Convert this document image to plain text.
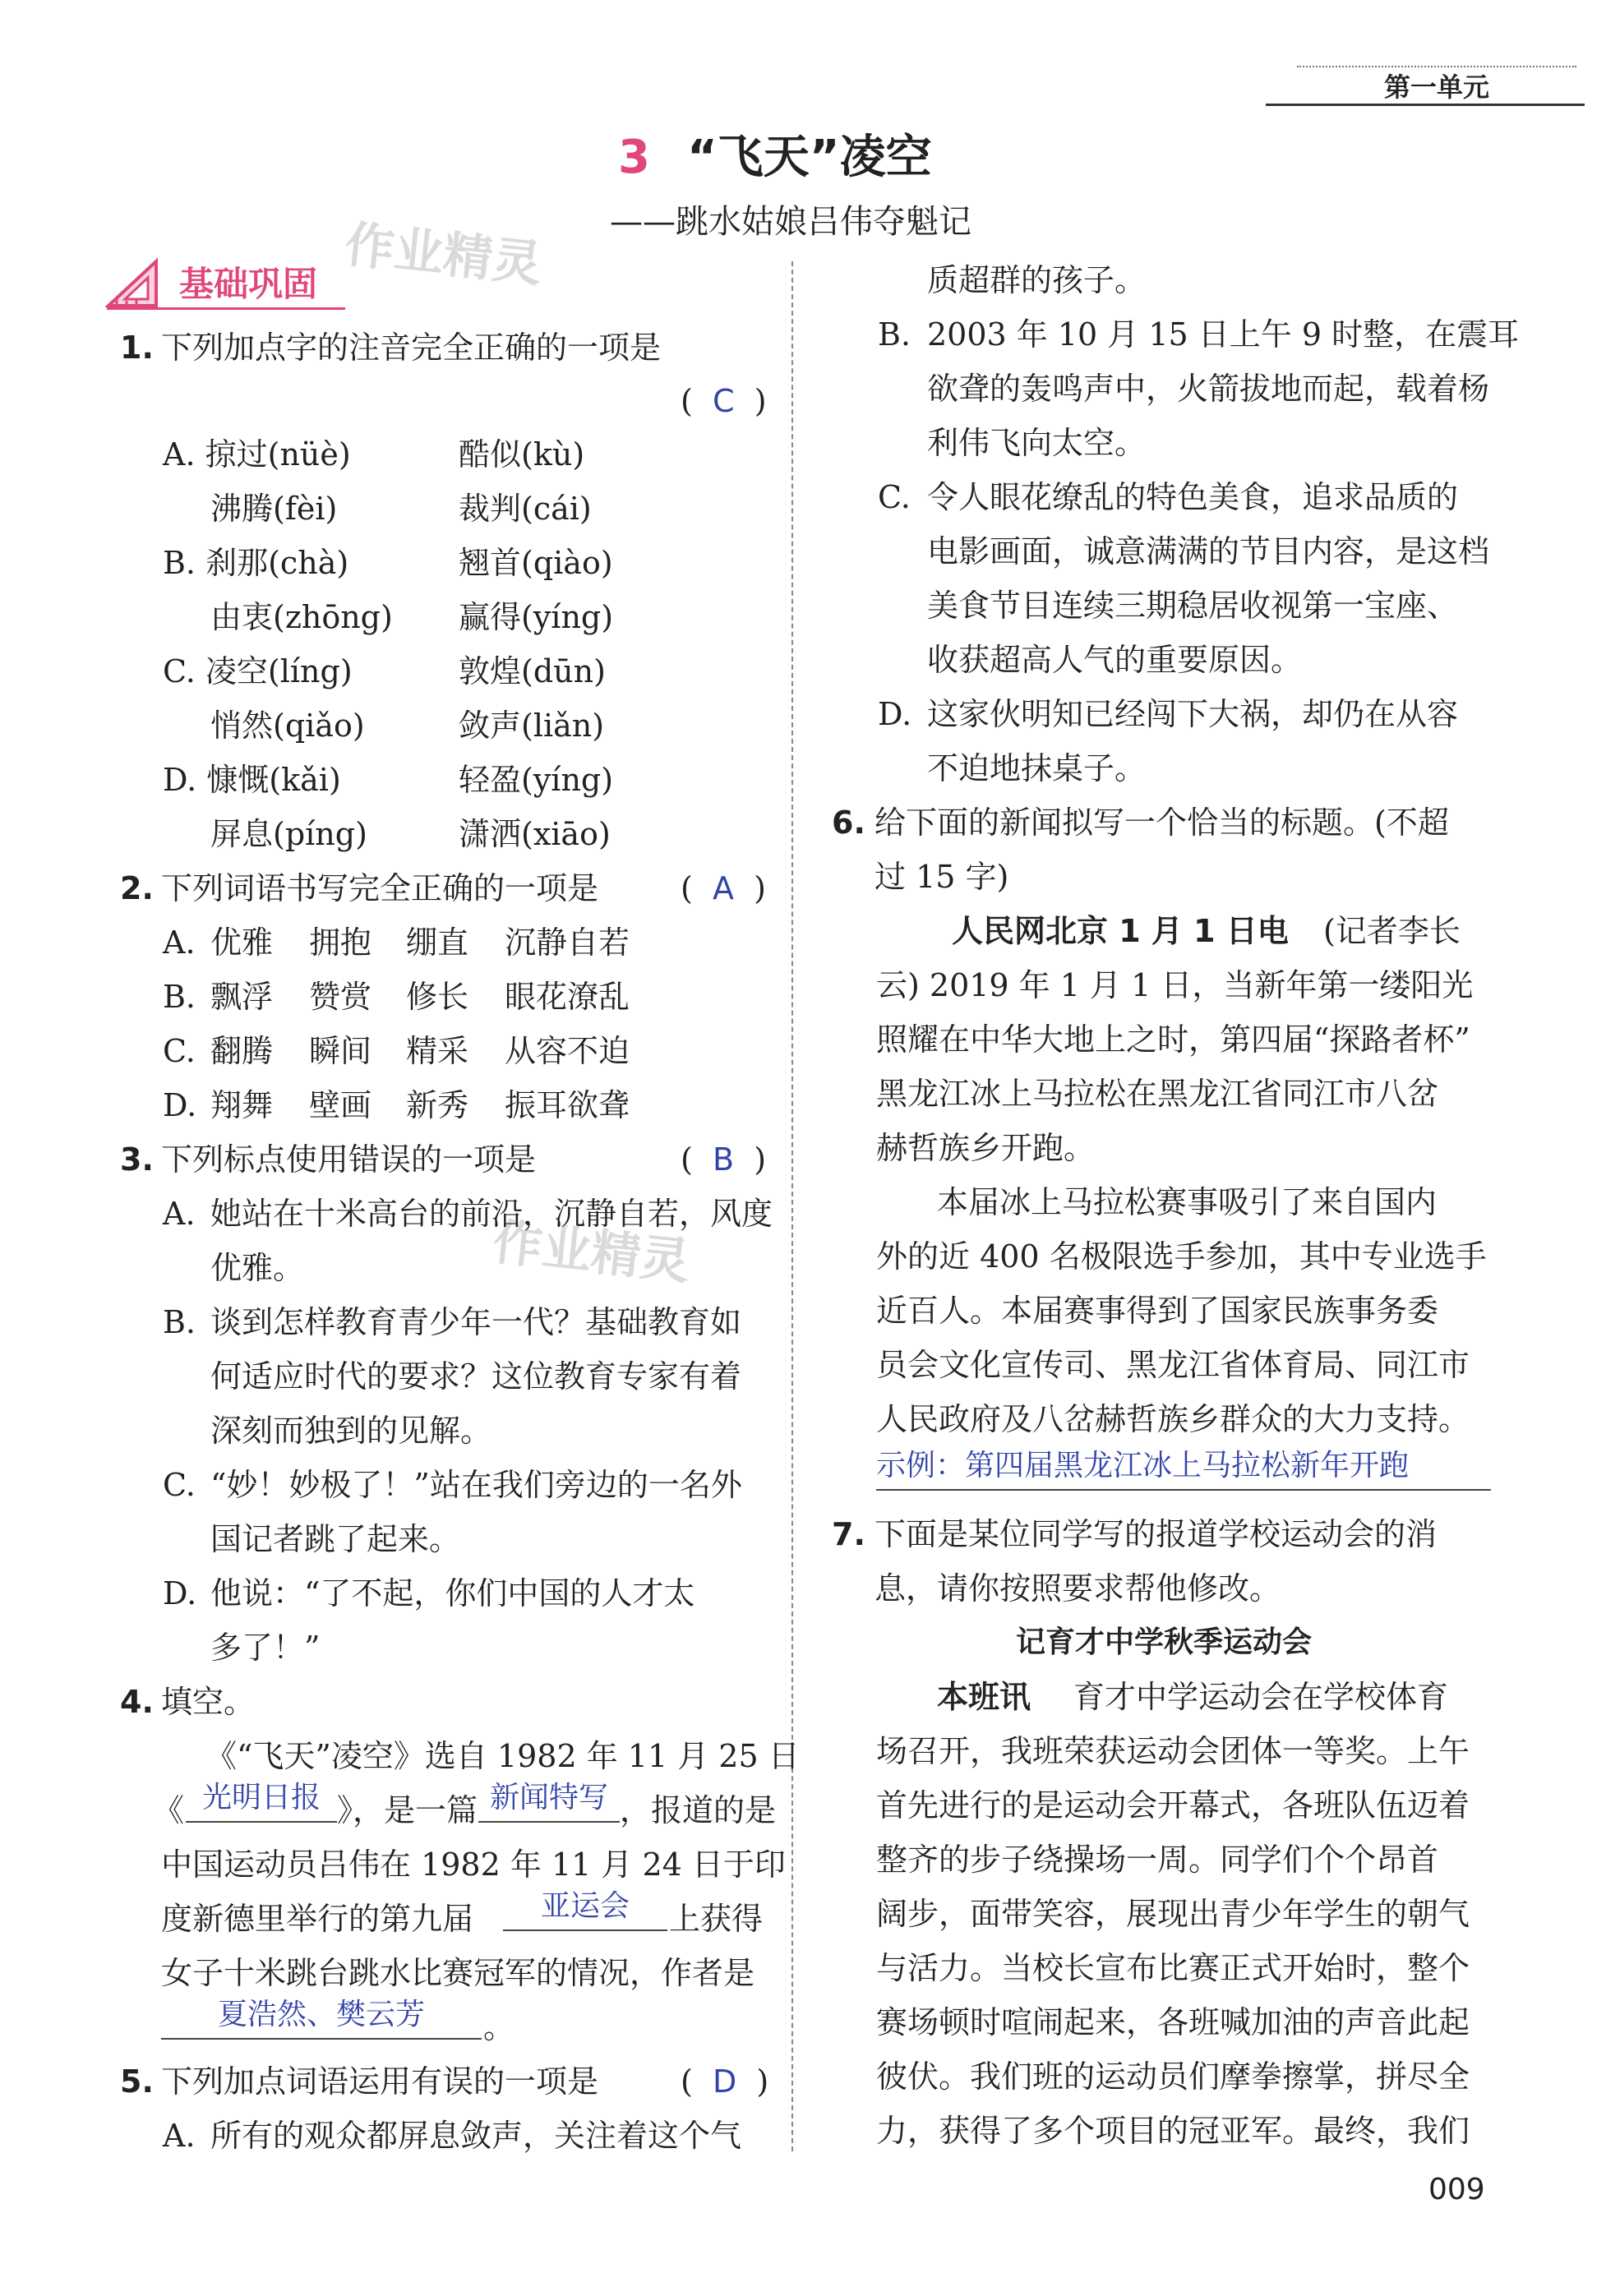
第一单元
3 “飞天”凌空
——跳水姑娘吕伟夺魁记
作业精灵
作业精灵
基础巩固
1. 下列加点字的注音完全正确的一项是
(  C  )
A. 掠过(nüè)	酷似(kù)
沸腾(fèi)	裁判(cái)
B. 刹那(chà)	翘首(qiào)
由衷(zhōng) 赢得(yíng)
C. 凌空(líng)	敦煌(dūn)
悄然(qiǎo)	敛声(liǎn)
D. 慷慨(kǎi)	轻盈(yíng)
屏息(píng)	潇洒(xiāo)
2. 下列词语书写完全正确的一项是	(  A  )
A. 优雅 拥抱 绷直 沉静自若
B. 飘浮 赞赏 修长 眼花潦乱
C. 翻腾 瞬间 精采 从容不迫
D. 翔舞 壁画 新秀 振耳欲聋
3. 下列标点使用错误的一项是	(  B  )
A. 她站在十米高台的前沿，沉静自若，风度
优雅。
B. 谈到怎样教育青少年一代？基础教育如
何适应时代的要求？这位教育专家有着
深刻而独到的见解。
C. “妙！妙极了！”站在我们旁边的一名外
国记者跳了起来。
D. 他说：“了不起，你们中国的人才太
多了！”
4. 填空。
《“飞天”凌空》选自 1982 年 11 月 25 日
《 光明日报 》，是一篇 新闻特写 ，报道的是
中国运动员吕伟在 1982 年 11 月 24 日于印
度新德里举行的第九届	亚运会	上获得
女子十米跳台跳水比赛冠军的情况，作者是
夏浩然、樊云芳	。
5. 下列加点词语运用有误的一项是	(  D  )
A. 所有的观众都屏息敛声，关注着这个气
质超群的孩子。
B. 2003 年 10 月 15 日上午 9 时整，在震耳
欲聋的轰鸣声中，火箭拔地而起，载着杨
利伟飞向太空。
C. 令人眼花缭乱的特色美食，追求品质的
电影画面，诚意满满的节目内容，是这档
美食节目连续三期稳居收视第一宝座、
收获超高人气的重要原因。
D. 这家伙明知已经闯下大祸，却仍在从容
不迫地抹桌子。
6. 给下面的新闻拟写一个恰当的标题。(不超
过 15 字)
人民网北京 1 月 1 日电 (记者李长
云) 2019 年 1 月 1 日，当新年第一缕阳光
照耀在中华大地上之时，第四届“探路者杯”
黑龙江冰上马拉松在黑龙江省同江市八岔
赫哲族乡开跑。
本届冰上马拉松赛事吸引了来自国内
外的近 400 名极限选手参加，其中专业选手
近百人。本届赛事得到了国家民族事务委
员会文化宣传司、黑龙江省体育局、同江市
人民政府及八岔赫哲族乡群众的大力支持。
示例：第四届黑龙江冰上马拉松新年开跑
7. 下面是某位同学写的报道学校运动会的消
息，请你按照要求帮他修改。
记育才中学秋季运动会
本班讯 育才中学运动会在学校体育
场召开，我班荣获运动会团体一等奖。上午
首先进行的是运动会开幕式，各班队伍迈着
整齐的步子绕操场一周。同学们个个昂首
阔步，面带笑容，展现出青少年学生的朝气
与活力。当校长宣布比赛正式开始时，整个
赛场顿时喧闹起来，各班喊加油的声音此起
彼伏。我们班的运动员们摩拳擦掌，拼尽全
力，获得了多个项目的冠亚军。最终，我们
009
